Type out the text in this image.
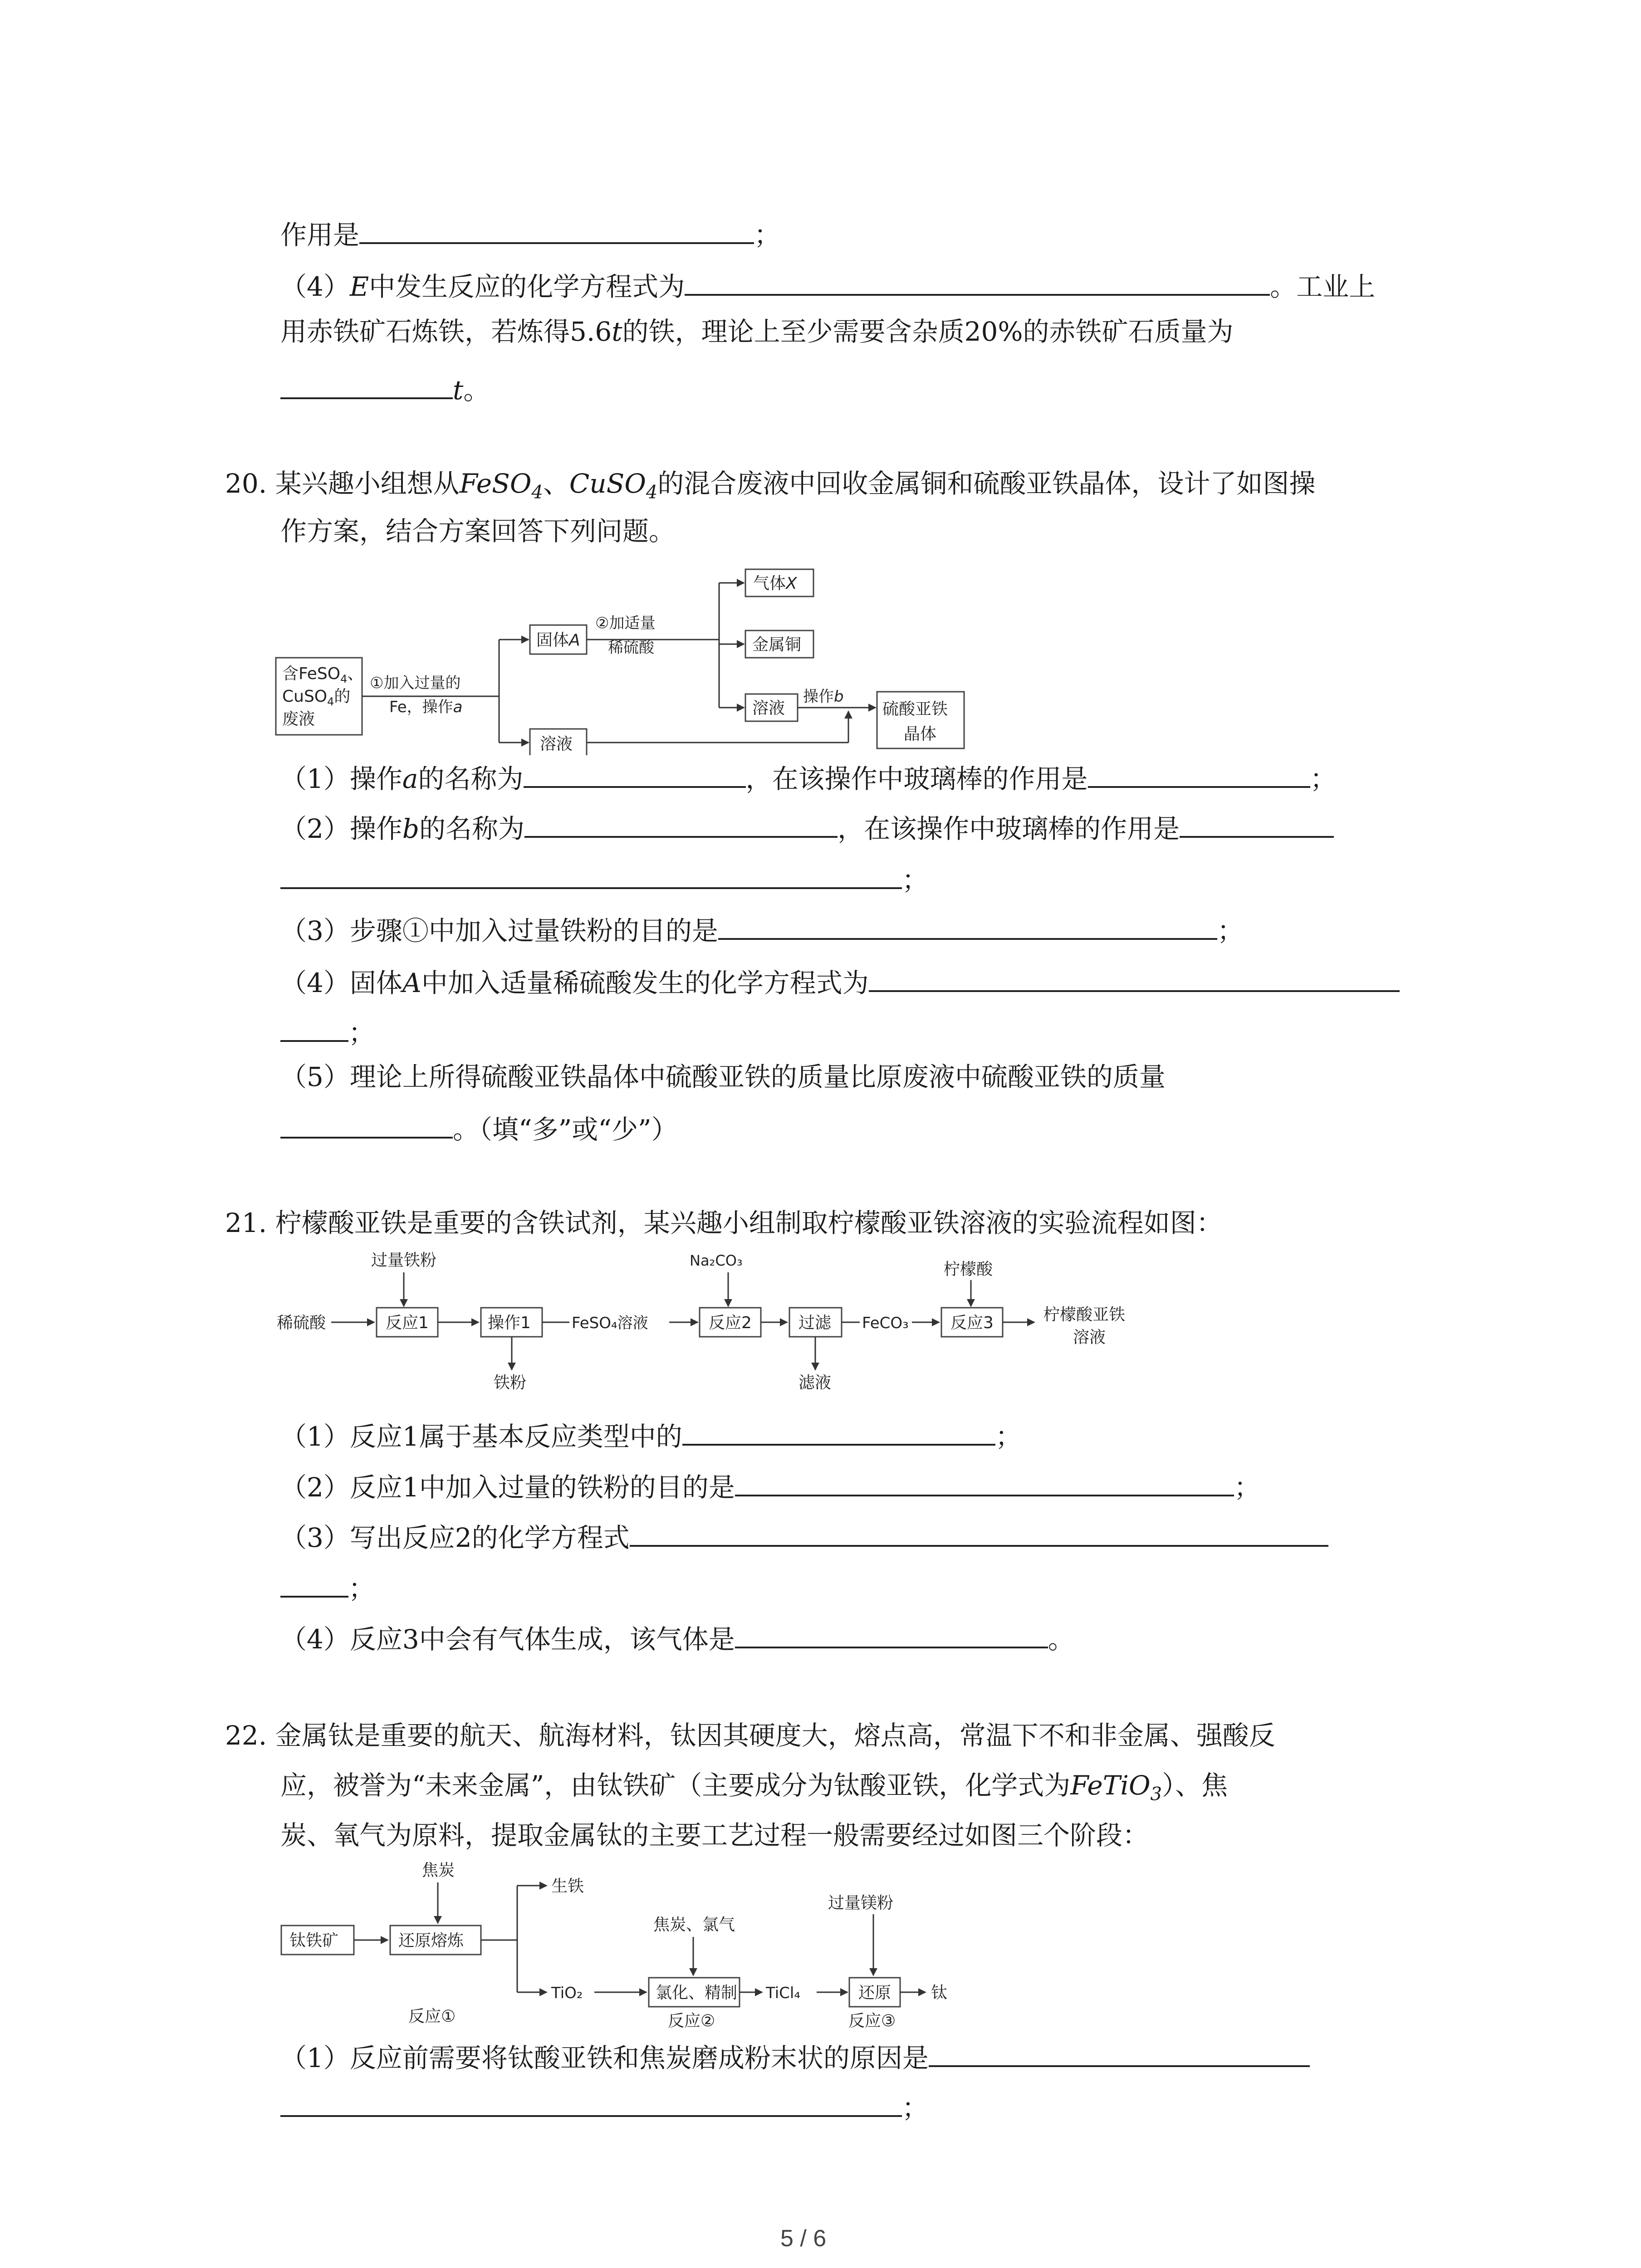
作用是	；
（4）E中发生反应的化学方程式为	。工业上
用赤铁矿石炼铁，若炼得5.6t的铁，理论上至少需要含杂质20%的赤铁矿石质量为
t。
20. 某兴趣小组想从FeSO$_4$、CuSO$_4$的混合废液中回收金属铜和硫酸亚铁晶体，设计了如图操
作方案，结合方案回答下列问题。
含FeSO$_4$、
CuSO$_4$的
废液
①加入过量的
Fe，操作a
固体A
溶液
②加适量
稀硫酸
气体X
金属铜
溶液
操作b
硫酸亚铁
晶体
（1）操作a的名称为	，在该操作中玻璃棒的作用是	；
（2）操作b的名称为	，在该操作中玻璃棒的作用是
；
（3）步骤①中加入过量铁粉的目的是	；
（4）固体A中加入适量稀硫酸发生的化学方程式为
；
（5）理论上所得硫酸亚铁晶体中硫酸亚铁的质量比原废液中硫酸亚铁的质量
。（填“多”或“少”）
21. 柠檬酸亚铁是重要的含铁试剂，某兴趣小组制取柠檬酸亚铁溶液的实验流程如图：
稀硫酸
过量铁粉
反应1	操作1
铁粉
FeSO₄溶液
Na₂CO₃
反应2	过滤
滤液
FeCO₃
柠檬酸
反应3	柠檬酸亚铁
溶液
（1）反应1属于基本反应类型中的	；
（2）反应1中加入过量的铁粉的目的是	；
（3）写出反应2的化学方程式
；
（4）反应3中会有气体生成，该气体是	。
22. 金属钛是重要的航天、航海材料，钛因其硬度大，熔点高，常温下不和非金属、强酸反
应，被誉为“未来金属”，由钛铁矿（主要成分为钛酸亚铁，化学式为FeTiO$_3$）、焦
炭、氧气为原料，提取金属钛的主要工艺过程一般需要经过如图三个阶段：
钛铁矿
焦炭
还原熔炼
生铁
TiO₂
反应①
焦炭、氯气
氯化、精制
反应②
TiCl₄
过量镁粉
还原
反应③
钛
（1）反应前需要将钛酸亚铁和焦炭磨成粉末状的原因是
；
5 / 6
